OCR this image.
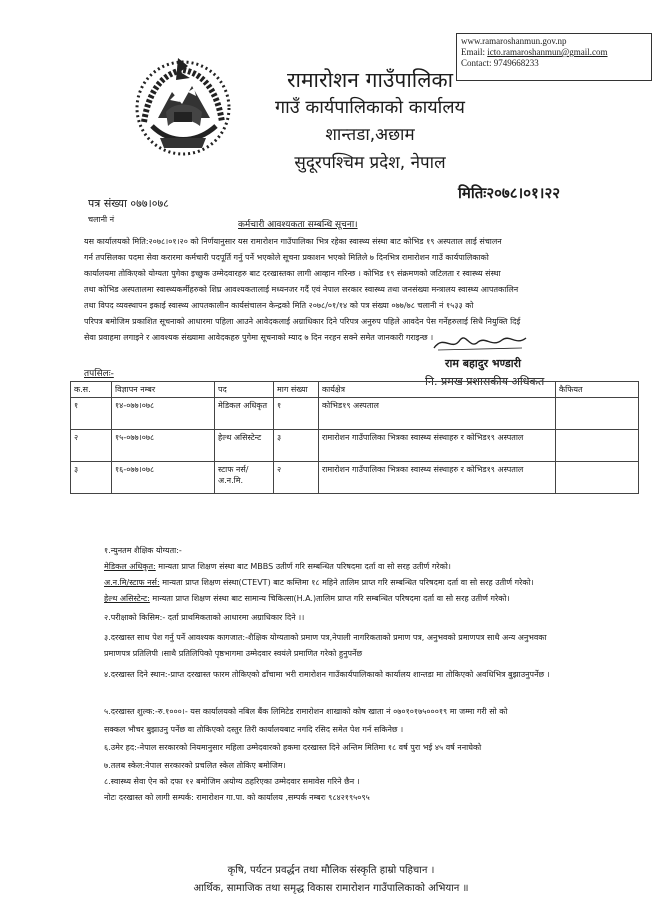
www.ramaroshanmun.gov.np
Email: icto.ramaroshanmun@gmail.com
Contact: 9749668233
रामारोशन गाउँपालिका
गाउँ कार्यपालिकाको कार्यालय
शान्तडा,अछाम
सुदूरपश्चिम प्रदेश, नेपाल
पत्र संख्या ०७७।०७८
चलानी नं
मितिः२०७८।०१।२२
कर्मचारी आवश्यकता सम्बन्धि सूचना।
यस कार्यालयको मिति:२०७८।०१।२० को निर्णयानुसार यस रामारोशन गाउँपालिका भित्र रहेका स्वास्थ्य संस्था बाट कोभिड १९ अस्पताल लाई संचालन
गर्न तपसिलका पदमा सेवा करारमा कर्मचारी पदपूर्ति गर्नु पर्ने भएकोले सूचना प्रकाशन भएको मितिले ७ दिनभित्र रामारोशन गाउँ कार्यपालिकाको
कार्यालयमा तोकिएको योग्यता पुगेका इच्छुक उम्मेदवारहरु बाट दरखास्तका लागी आव्हान गरिन्छ । कोभिड १९ संक्रमणको जटिलता र स्वास्थ्य संस्था
तथा कोभिड अस्पतालमा स्वास्थ्यकर्मीहरुको शिघ्र आवश्यकतालाई मध्यनजर गर्दै एवं नेपाल सरकार स्वास्थ्य तथा जनसंख्या मन्त्रालय स्वास्थ्य आपतकालिन
तथा विपद व्यवस्थापन इकाई स्वास्थ्य आपतकालीन कार्यसंचालन केन्द्रको मिति २०७८/०१/१४ को पत्र संख्या ०७७/७८ चलानी नं १५३३ को
परिपत्र बमोजिम प्रकाशित सूचनाको आधारमा पहिला आउने आवेदकलाई अग्राधिकार दिने परिपत्र अनुरुप पहिले आवदेन पेस गर्नेहरुलाई सिधै नियुक्ति दिई
सेवा प्रवाहमा लगाइने र आवश्यक संख्यामा आवेदकहरु पुगेमा सूचनाको म्याद ७ दिन नरहन सक्ने समेत जानकारी गराइन्छ ।
राम बहादुर भण्डारी
नि. प्रमख प्रशासकीय अधिकत
तपसिलः-
क.स.	विज्ञापन नम्बर	पद	माग संख्या	कार्यक्षेत्र	कैफियत
१	१४-०७७।०७८	मेडिकल अधिकृत	१	कोभिड१९ अस्पताल	
२	१५-०७७।०७८	हेल्थ असिस्टेन्ट	३	रामारोशन गाउँपालिका भित्रका स्वास्थ्य संस्थाहरु र कोभिड१९ अस्पताल	
३	१६-०७७।०७८	स्टाफ नर्स/ अ.न.मि.	२	रामारोशन गाउँपालिका भित्रका स्वास्थ्य संस्थाहरु र कोभिड१९ अस्पताल	
१.न्युनतम शैक्षिक योग्यता:-
मेडिकल अधिकृत: मान्यता प्राप्त शिक्षण संस्था बाट MBBS उतीर्ण गरि सम्बन्धित परिषदमा दर्ता वा सो सरह उतीर्ण गरेको।
अ.न.मि/स्टाफ नर्स: मान्यता प्राप्त शिक्षण संस्था(CTEVT) बाट कम्तिमा १८ महिने तालिम प्राप्त गरि सम्बन्धित परिषदमा दर्ता वा सो सरह उतीर्ण गरेको।
हेल्थ असिस्टेन्ट: मान्यता प्राप्त शिक्षण संस्था बाट सामान्य चिकित्सा(H.A.)तालिम प्राप्त गरि सम्बन्धित परिषदमा दर्ता वा सो सरह उतीर्ण गरेको।
२.परीक्षाको किसिम:- दर्ता प्राथमिकताको आधारमा अग्राधिकार दिने ।।
३.दरखास्त साथ पेश गर्नु पर्ने आवश्यक कागजात:-शैक्षिक योग्यताको प्रमाण पत्र,नेपाली नागरिकताको प्रमाण पत्र, अनुभवको प्रमाणपत्र साथै अन्य अनुभवका
प्रमाणपत्र प्रतिलिपी ।साथै प्रतिलिपिको पृष्ठभागमा उम्मेदवार स्वयंले प्रमाणित गरेको हुनुपर्नेछ
४.दरखास्त दिने स्थान:-प्राप्त दरखास्त फारम तोकिएको ढाँचामा भरी रामारोशन गाउँकार्यपालिकाको कार्यालय शान्तडा मा तोकिएको अवधिभित्र बुझाउनुपर्नेछ ।
५.दरखास्त शुल्क:-रु.१०००।- यस कार्यालयको नबिल बैंक लिमिटेड रामारोशन शाखाको कोष खाता नं ०७०१०१७५०००१९ मा जम्मा गरी सो को
सक्कल भौचर बुझाउनु पर्नेछ वा तोकिएको दस्तुर तिरी कार्यालयबाट नगदि रसिद समेत पेश गर्न सकिनेछ ।
६.उमेर हद:-नेपाल सरकारको नियमानुसार महिला उम्मेदवारको हकमा दरखास्त दिने अन्तिम मितिमा १८ वर्ष पुरा भई ४५ वर्ष ननाघेको
७.तलब स्केल:नेपाल सरकारको प्रचलित स्केल तोकिए बमोजिम।
८.स्वास्थ्य सेवा ऐन को दफा १२ बमोजिम अयोग्य ठहरिएका उम्मेदवार समावेस गरिने छैन ।
नोटः दरखास्त को लागी सम्पर्क: रामारोशन गा.पा. को कार्यालय ,सम्पर्क नम्बरः ९८४२१९५०९५
कृषि, पर्यटन प्रवर्द्धन तथा मौलिक संस्कृति हाम्रो पहिचान ।
आर्थिक, सामाजिक तथा समृद्ध विकास रामारोशन गाउँपालिकाको अभियान ॥
